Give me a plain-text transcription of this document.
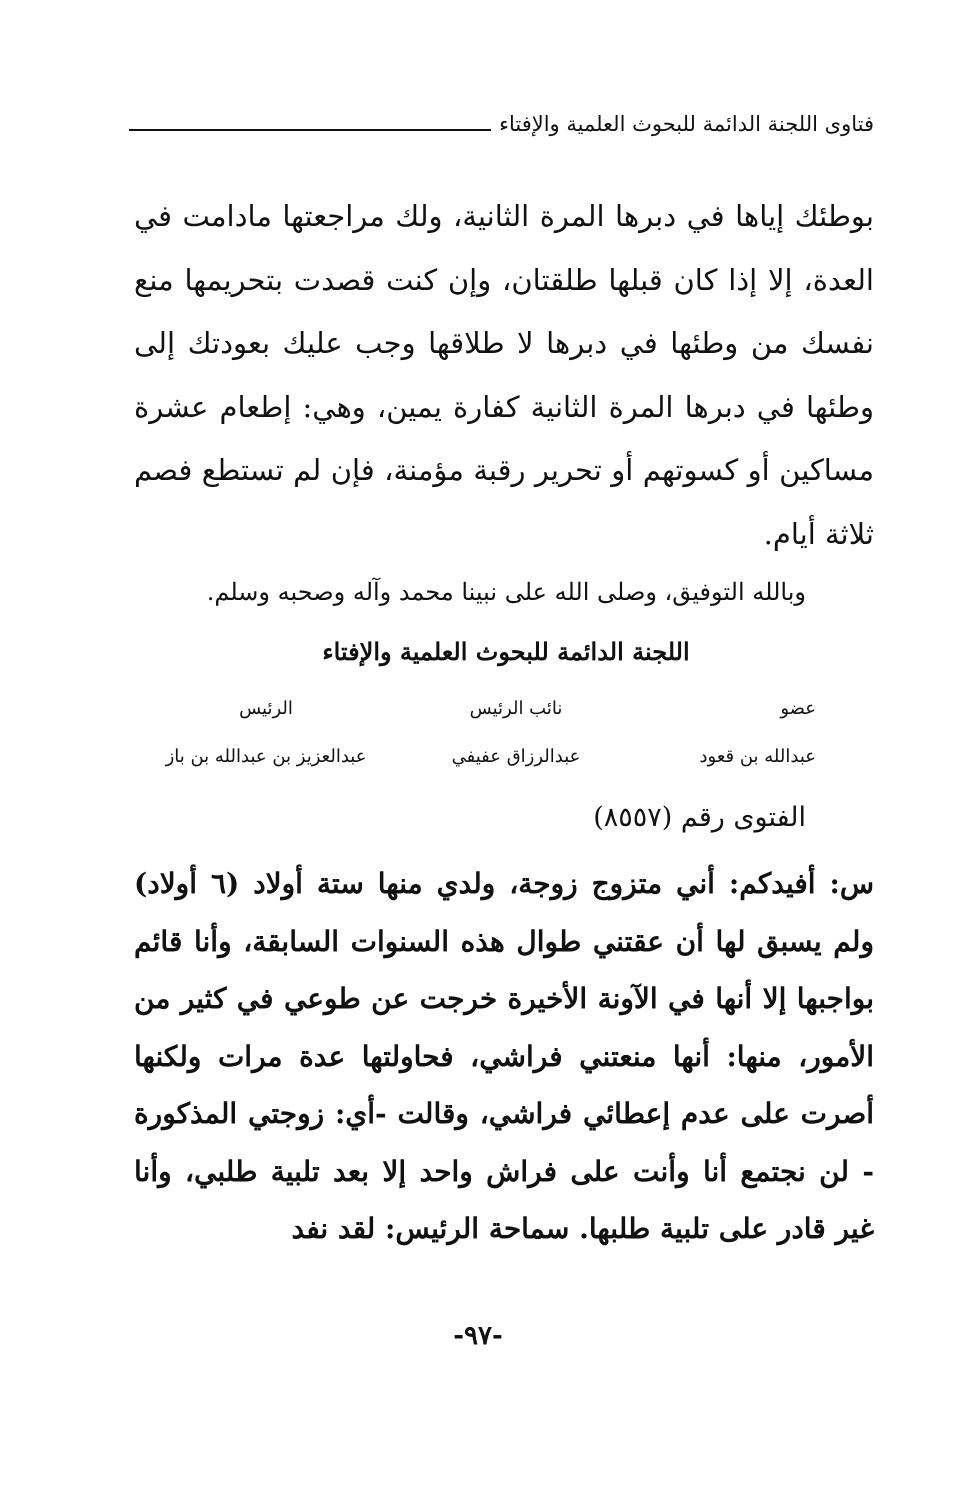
فتاوى اللجنة الدائمة للبحوث العلمية والإفتاء

بوطئك إياها في دبرها المرة الثانية، ولك مراجعتها مادامت في العدة، إلا إذا كان قبلها طلقتان، وإن كنت قصدت بتحريمها منع نفسك من وطئها في دبرها لا طلاقها وجب عليك بعودتك إلى وطئها في دبرها المرة الثانية كفارة يمين، وهي: إطعام عشرة مساكين أو كسوتهم أو تحرير رقبة مؤمنة، فإن لم تستطع فصم ثلاثة أيام.

وبالله التوفيق، وصلى الله على نبينا محمد وآله وصحبه وسلم.

اللجنة الدائمة للبحوث العلمية والإفتاء

عضو	نائب الرئيس	الرئيس
عبدالله بن قعود	عبدالرزاق عفيفي	عبدالعزيز بن عبدالله بن باز

الفتوى رقم (٨٥٥٧)

س: أفيدكم: أني متزوج زوجة، ولدي منها ستة أولاد (٦ أولاد) ولم يسبق لها أن عقتني طوال هذه السنوات السابقة، وأنا قائم بواجبها إلا أنها في الآونة الأخيرة خرجت عن طوعي في كثير من الأمور، منها: أنها منعتني فراشي، فحاولتها عدة مرات ولكنها أصرت على عدم إعطائي فراشي، وقالت -أي: زوجتي المذكورة - لن نجتمع أنا وأنت على فراش واحد إلا بعد تلبية طلبي، وأنا غير قادر على تلبية طلبها. سماحة الرئيس: لقد نفد

-٩٧-
